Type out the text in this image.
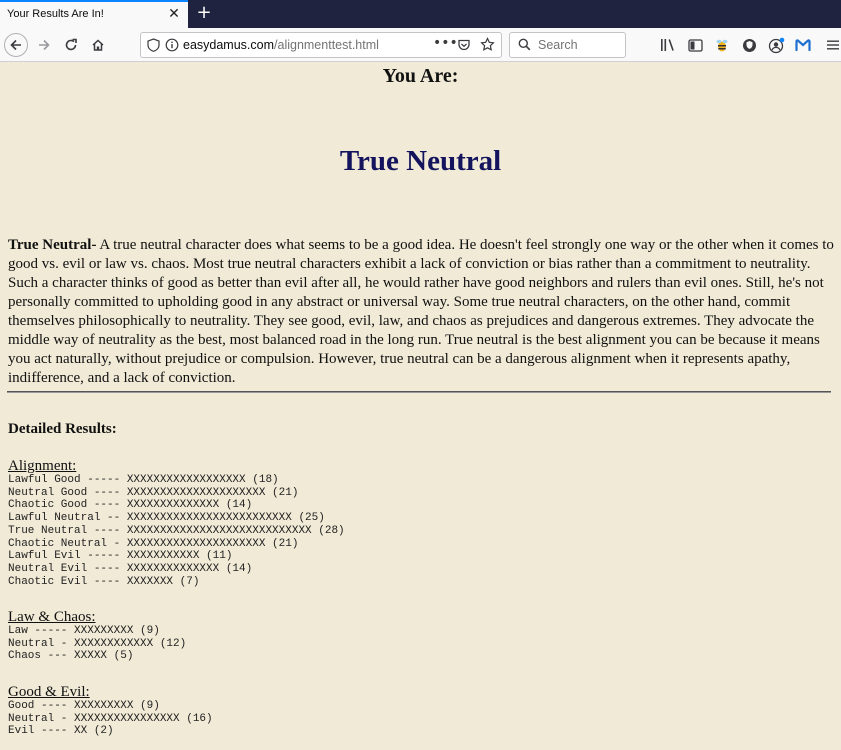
Your Results Are In!	✕ +
easydamus.com/alignmenttest.html	•••	Search
You Are:
True Neutral

True Neutral- A true neutral character does what seems to be a good idea. He doesn't feel strongly one way or the other when it comes to good vs. evil or law vs. chaos. Most true neutral characters exhibit a lack of conviction or bias rather than a commitment to neutrality. Such a character thinks of good as better than evil after all, he would rather have good neighbors and rulers than evil ones. Still, he's not personally committed to upholding good in any abstract or universal way. Some true neutral characters, on the other hand, commit themselves philosophically to neutrality. They see good, evil, law, and chaos as prejudices and dangerous extremes. They advocate the middle way of neutrality as the best, most balanced road in the long run. True neutral is the best alignment you can be because it means you act naturally, without prejudice or compulsion. However, true neutral can be a dangerous alignment when it represents apathy, indifference, and a lack of conviction.

Detailed Results:
Alignment:
Lawful Good ----- XXXXXXXXXXXXXXXXXX (18)
Neutral Good ---- XXXXXXXXXXXXXXXXXXXXX (21)
Chaotic Good ---- XXXXXXXXXXXXXX (14)
Lawful Neutral -- XXXXXXXXXXXXXXXXXXXXXXXXX (25)
True Neutral ---- XXXXXXXXXXXXXXXXXXXXXXXXXXXX (28)
Chaotic Neutral - XXXXXXXXXXXXXXXXXXXXX (21)
Lawful Evil ----- XXXXXXXXXXX (11)
Neutral Evil ---- XXXXXXXXXXXXXX (14)
Chaotic Evil ---- XXXXXXX (7)
Law & Chaos:
Law ----- XXXXXXXXX (9)
Neutral - XXXXXXXXXXXX (12)
Chaos --- XXXXX (5)
Good & Evil:
Good ---- XXXXXXXXX (9)
Neutral - XXXXXXXXXXXXXXXX (16)
Evil ---- XX (2)
